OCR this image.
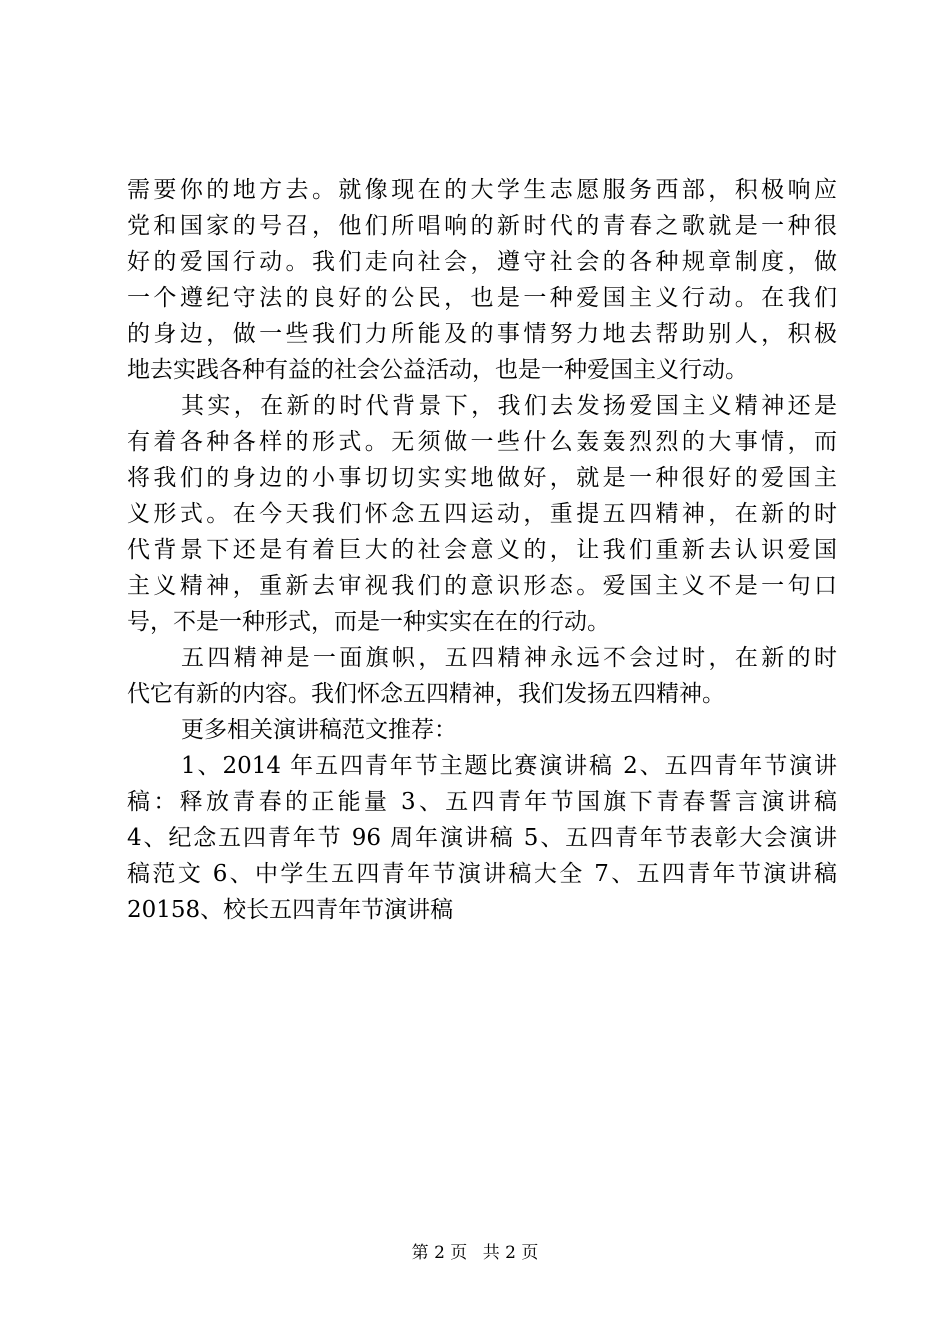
需要你的地方去。就像现在的大学生志愿服务西部，积极响应
党和国家的号召，他们所唱响的新时代的青春之歌就是一种很
好的爱国行动。我们走向社会，遵守社会的各种规章制度，做
一个遵纪守法的良好的公民，也是一种爱国主义行动。在我们
的身边，做一些我们力所能及的事情努力地去帮助别人，积极
地去实践各种有益的社会公益活动，也是一种爱国主义行动。
其实，在新的时代背景下，我们去发扬爱国主义精神还是
有着各种各样的形式。无须做一些什么轰轰烈烈的大事情，而
将我们的身边的小事切切实实地做好，就是一种很好的爱国主
义形式。在今天我们怀念五四运动，重提五四精神，在新的时
代背景下还是有着巨大的社会意义的，让我们重新去认识爱国
主义精神，重新去审视我们的意识形态。爱国主义不是一句口
号，不是一种形式，而是一种实实在在的行动。
五四精神是一面旗帜，五四精神永远不会过时，在新的时
代它有新的内容。我们怀念五四精神，我们发扬五四精神。
更多相关演讲稿范文推荐：
1、2014 年五四青年节主题比赛演讲稿 2、五四青年节演讲
稿：释放青春的正能量 3、五四青年节国旗下青春誓言演讲稿
4、纪念五四青年节 96 周年演讲稿 5、五四青年节表彰大会演讲
稿范文 6、中学生五四青年节演讲稿大全 7、五四青年节演讲稿
20158、校长五四青年节演讲稿
第 2 页 共 2 页
